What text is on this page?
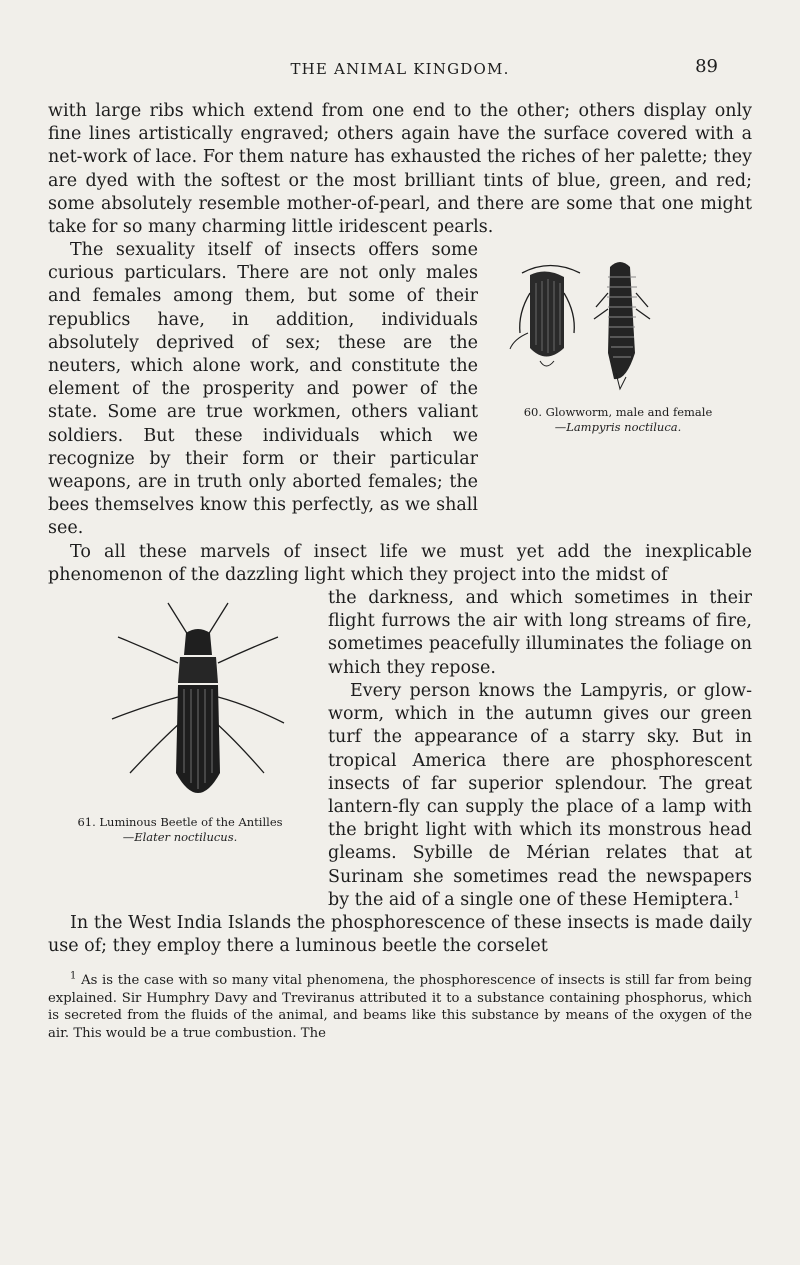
THE ANIMAL KINGDOM.	89

with large ribs which extend from one end to the other; others display only fine lines artistically engraved; others again have the surface covered with a net-work of lace. For them nature has exhausted the riches of her palette; they are dyed with the softest or the most brilliant tints of blue, green, and red; some absolutely resemble mother-of-pearl, and there are some that one might take for so many charming little iridescent pearls.

The sexuality itself of insects offers some curious particulars. There are not only males and females among them, but some of their republics have, in addition, individuals absolutely deprived of sex; these are the neuters, which alone work, and constitute the element of the prosperity and power of the state. Some are true workmen, others valiant soldiers. But these individuals which we recognize by their form or their particular weapons, are in truth only aborted females; the bees themselves know this perfectly, as we shall see.

60. Glowworm, male and female
—Lampyris noctiluca.

To all these marvels of insect life we must yet add the inexplicable phenomenon of the dazzling light which they project into the midst of

61. Luminous Beetle of the Antilles
—Elater noctilucus.

the darkness, and which sometimes in their flight furrows the air with long streams of fire, sometimes peacefully illuminates the foliage on which they repose.

Every person knows the Lampyris, or glow-worm, which in the autumn gives our green turf the appearance of a starry sky. But in tropical America there are phosphorescent insects of far superior splendour. The great lantern-fly can supply the place of a lamp with the bright light with which its monstrous head gleams. Sybille de Mérian relates that at Surinam she sometimes read the newspapers by the aid of a single one of these Hemiptera.$^1$

In the West India Islands the phosphorescence of these insects is made daily use of; they employ there a luminous beetle the corselet

$^1$ As is the case with so many vital phenomena, the phosphorescence of insects is still far from being explained. Sir Humphry Davy and Treviranus attributed it to a substance containing phosphorus, which is secreted from the fluids of the animal, and beams like this substance by means of the oxygen of the air. This would be a true combustion. The
